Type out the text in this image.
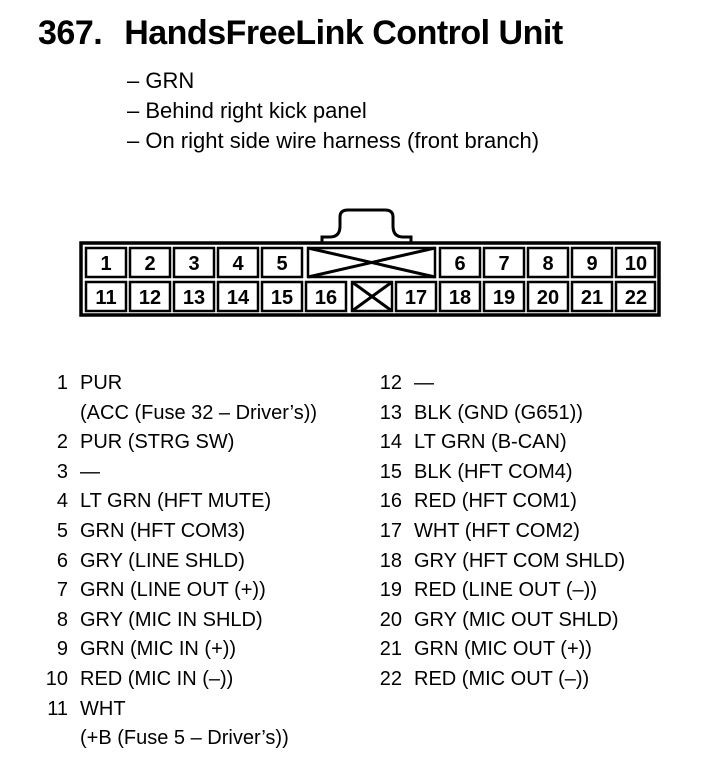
367. HandsFreeLink Control Unit
– GRN
– Behind right kick panel
– On right side wire harness (front branch)
1 2 3 4 5	6 7 8 9 10
11 12 13 14 15 16	17 18 19 20 21 22
1 PUR
(ACC (Fuse 32 – Driver’s))
2 PUR (STRG SW)
3 —
4 LT GRN (HFT MUTE)
5 GRN (HFT COM3)
6 GRY (LINE SHLD)
7 GRN (LINE OUT (+))
8 GRY (MIC IN SHLD)
9 GRN (MIC IN (+))
10 RED (MIC IN (–))
11 WHT
(+B (Fuse 5 – Driver’s))
12 —
13 BLK (GND (G651))
14 LT GRN (B-CAN)
15 BLK (HFT COM4)
16 RED (HFT COM1)
17 WHT (HFT COM2)
18 GRY (HFT COM SHLD)
19 RED (LINE OUT (–))
20 GRY (MIC OUT SHLD)
21 GRN (MIC OUT (+))
22 RED (MIC OUT (–))
